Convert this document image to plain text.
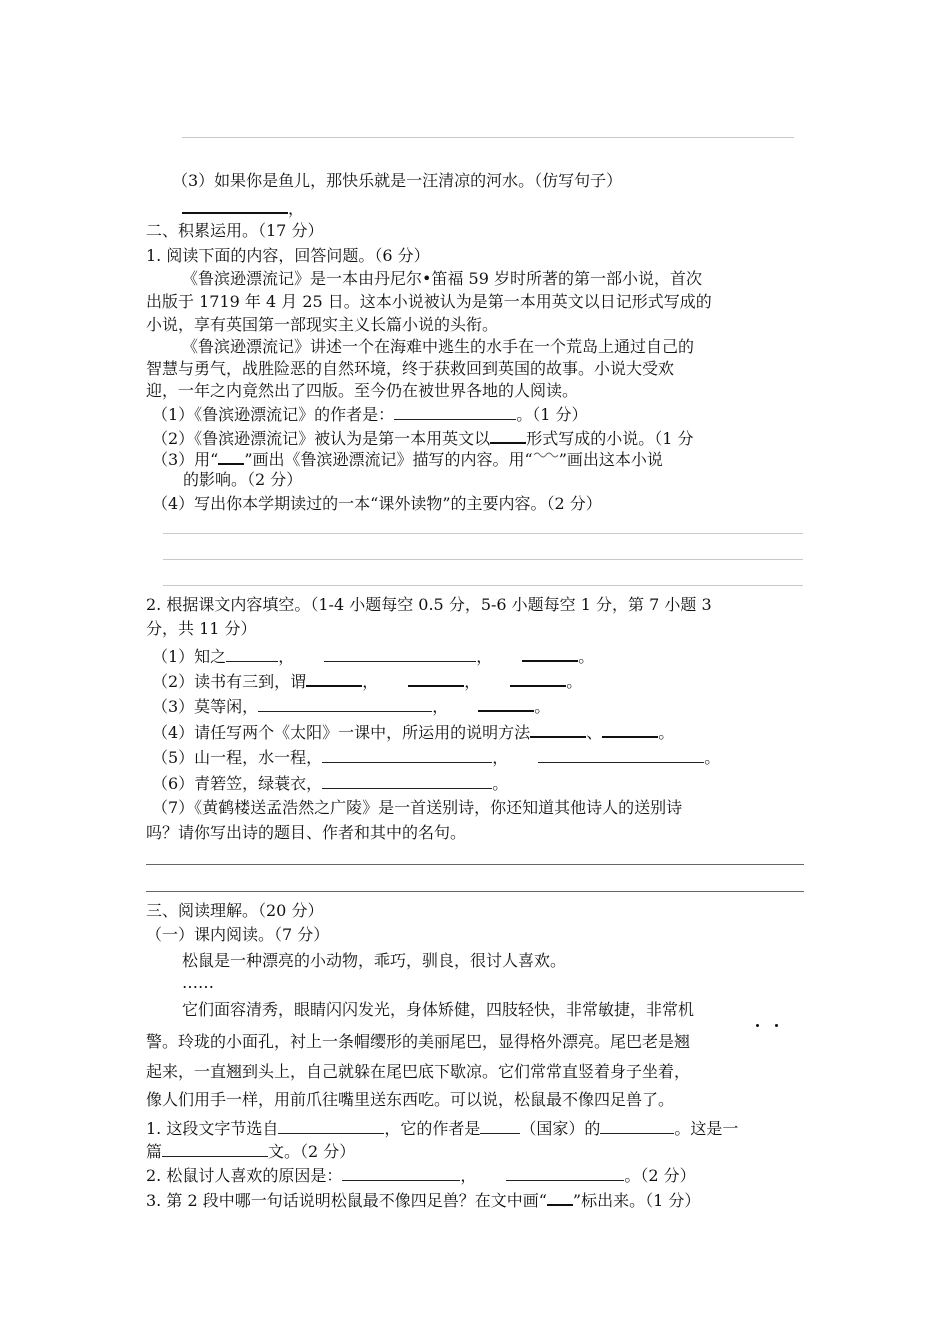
（3）如果你是鱼儿，那快乐就是一汪清凉的河水。（仿写句子）
，
二、积累运用。（17 分）
1. 阅读下面的内容，回答问题。（6 分）
《鲁滨逊漂流记》是一本由丹尼尔•笛福 59 岁时所著的第一部小说，首次
出版于 1719 年 4 月 25 日。这本小说被认为是第一本用英文以日记形式写成的
小说，享有英国第一部现实主义长篇小说的头衔。
《鲁滨逊漂流记》讲述一个在海难中逃生的水手在一个荒岛上通过自己的
智慧与勇气，战胜险恶的自然环境，终于获救回到英国的故事。小说大受欢
迎，一年之内竟然出了四版。至今仍在被世界各地的人阅读。
（1）《鲁滨逊漂流记》的作者是：	。（1 分）
（2）《鲁滨逊漂流记》被认为是第一本用英文以 形式写成的小说。（1 分
（3）用“ ”画出《鲁滨逊漂流记》描写的内容。用“ ”画出这本小说
的影响。（2 分）
（4）写出你本学期读过的一本“课外读物”的主要内容。（2 分）
2. 根据课文内容填空。（1-4 小题每空 0.5 分，5-6 小题每空 1 分，第 7 小题 3
分，共 11 分）
（1）知之	，	，	。
（2）读书有三到，谓	，	，	。
（3）莫等闲，	，	。
（4）请任写两个《太阳》一课中，所运用的说明方法	、	。
（5）山一程，水一程，	，	。
（6）青箬笠，绿蓑衣，	。
（7）《黄鹤楼送孟浩然之广陵》是一首送别诗，你还知道其他诗人的送别诗
吗？请你写出诗的题目、作者和其中的名句。
三、阅读理解。（20 分）
（一）课内阅读。（7 分）
松鼠是一种漂亮的小动物，乖巧，驯良，很讨人喜欢。
……
它们面容清秀，眼睛闪闪发光，身体矫健，四肢轻快，非常敏捷，非常机
警。玲珑的小面孔，衬上一条帽缨形的美丽尾巴，显得格外漂亮。尾巴老是翘
起来，一直翘到头上，自己就躲在尾巴底下歇凉。它们常常直竖着身子坐着，
像人们用手一样，用前爪往嘴里送东西吃。可以说，松鼠最不像四足兽了。
1. 这段文字节选自	，它的作者是	（国家）的	。这是一
篇	文。（2 分）
2. 松鼠讨人喜欢的原因是：	，	。（2 分）
3. 第 2 段中哪一句话说明松鼠最不像四足兽？在文中画“ ”标出来。（1 分）
